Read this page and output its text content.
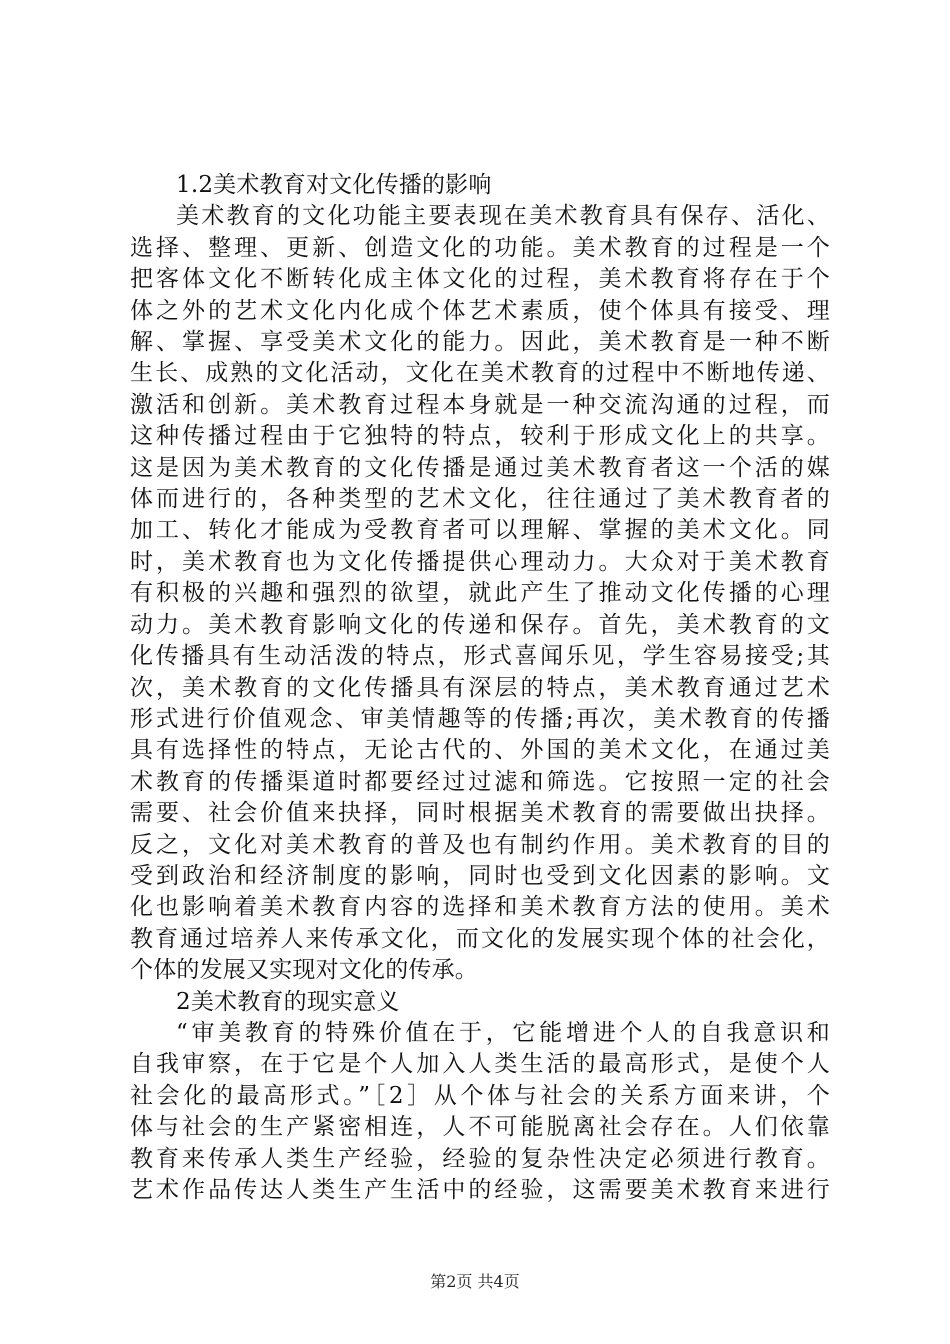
1.2美术教育对文化传播的影响
美术教育的文化功能主要表现在美术教育具有保存、活化、
选择、整理、更新、创造文化的功能。美术教育的过程是一个
把客体文化不断转化成主体文化的过程，美术教育将存在于个
体之外的艺术文化内化成个体艺术素质，使个体具有接受、理
解、掌握、享受美术文化的能力。因此，美术教育是一种不断
生长、成熟的文化活动，文化在美术教育的过程中不断地传递、
激活和创新。美术教育过程本身就是一种交流沟通的过程，而
这种传播过程由于它独特的特点，较利于形成文化上的共享。
这是因为美术教育的文化传播是通过美术教育者这一个活的媒
体而进行的，各种类型的艺术文化，往往通过了美术教育者的
加工、转化才能成为受教育者可以理解、掌握的美术文化。同
时，美术教育也为文化传播提供心理动力。大众对于美术教育
有积极的兴趣和强烈的欲望，就此产生了推动文化传播的心理
动力。美术教育影响文化的传递和保存。首先，美术教育的文
化传播具有生动活泼的特点，形式喜闻乐见，学生容易接受;其
次，美术教育的文化传播具有深层的特点，美术教育通过艺术
形式进行价值观念、审美情趣等的传播;再次，美术教育的传播
具有选择性的特点，无论古代的、外国的美术文化，在通过美
术教育的传播渠道时都要经过过滤和筛选。它按照一定的社会
需要、社会价值来抉择，同时根据美术教育的需要做出抉择。
反之，文化对美术教育的普及也有制约作用。美术教育的目的
受到政治和经济制度的影响，同时也受到文化因素的影响。文
化也影响着美术教育内容的选择和美术教育方法的使用。美术
教育通过培养人来传承文化，而文化的发展实现个体的社会化，
个体的发展又实现对文化的传承。
2美术教育的现实意义
“审美教育的特殊价值在于，它能增进个人的自我意识和
自我审察，在于它是个人加入人类生活的最高形式，是使个人
社会化的最高形式。”［2］从个体与社会的关系方面来讲，个
体与社会的生产紧密相连，人不可能脱离社会存在。人们依靠
教育来传承人类生产经验，经验的复杂性决定必须进行教育。
艺术作品传达人类生产生活中的经验，这需要美术教育来进行
第2页 共4页
